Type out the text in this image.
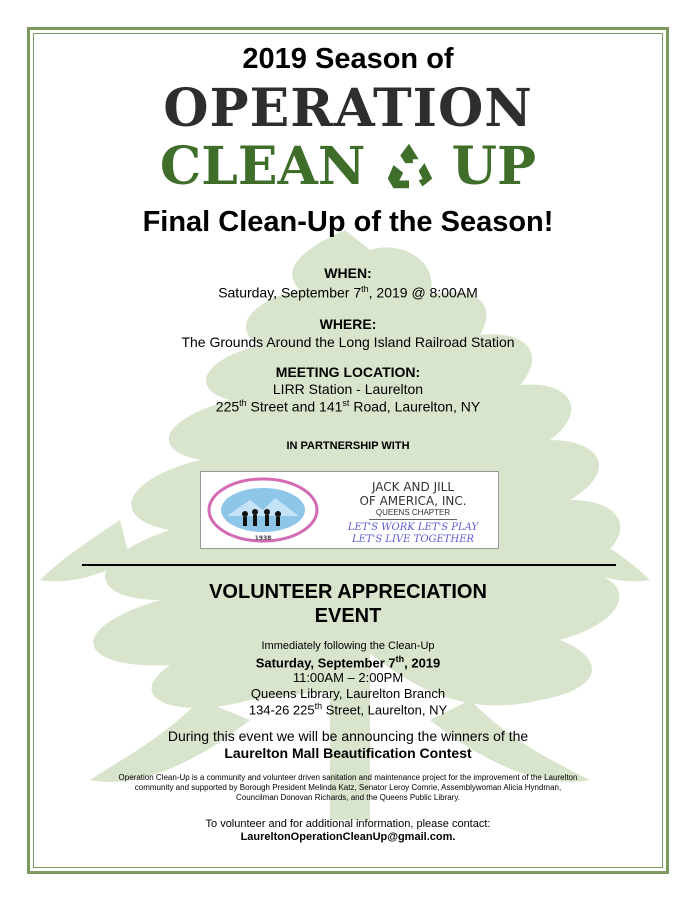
2019 Season of

OPERATION

CLEAN UP

Final Clean-Up of the Season!

WHEN:

Saturday, September 7th, 2019 @ 8:00AM

WHERE:

The Grounds Around the Long Island Railroad Station

MEETING LOCATION:

LIRR Station - Laurelton

225th Street and 141st Road, Laurelton, NY

IN PARTNERSHIP WITH

1938
JACK AND JILL
OF AMERICA, INC.
QUEENS CHAPTER
LET'S WORK LET'S PLAY
LET'S LIVE TOGETHER
VOLUNTEER APPRECIATION
EVENT

Immediately following the Clean-Up

Saturday, September 7th, 2019

11:00AM – 2:00PM

Queens Library, Laurelton Branch

134-26 225th Street, Laurelton, NY

During this event we will be announcing the winners of the

Laurelton Mall Beautification Contest

Operation Clean-Up is a community and volunteer driven sanitation and maintenance project for the improvement of the Laurelton
community and supported by Borough President Melinda Katz, Senator Leroy Comrie, Assemblywoman Alicia Hyndman,
Councilman Donovan Richards, and the Queens Public Library.

To volunteer and for additional information, please contact:

LaureltonOperationCleanUp@gmail.com.
